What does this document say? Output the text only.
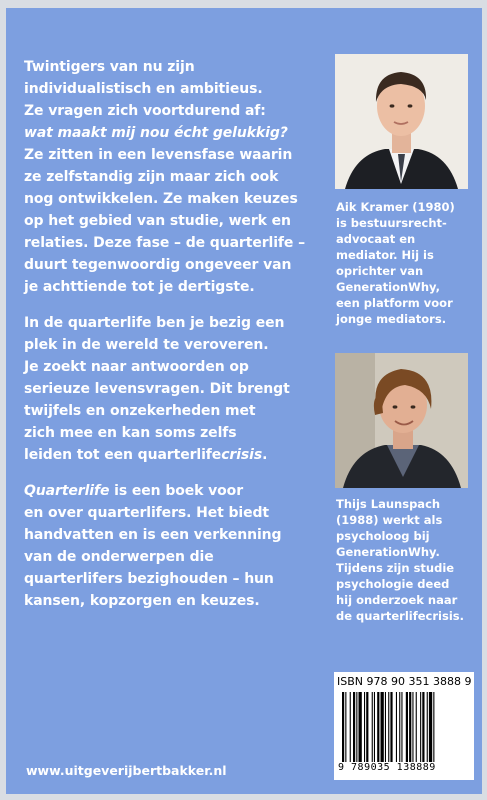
Twintigers van nu zijn
individualistisch en ambitieus.
Ze vragen zich voortdurend af:
wat maakt mij nou écht gelukkig?
Ze zitten in een levensfase waarin
ze zelfstandig zijn maar zich ook
nog ontwikkelen. Ze maken keuzes
op het gebied van studie, werk en
relaties. Deze fase – de quarterlife –
duurt tegenwoordig ongeveer van
je achttiende tot je dertigste.

In de quarterlife ben je bezig een
plek in de wereld te veroveren.
Je zoekt naar antwoorden op
serieuze levensvragen. Dit brengt
twijfels en onzekerheden met
zich mee en kan soms zelfs
leiden tot een quarterlifecrisis.

Quarterlife is een boek voor
en over quarterlifers. Het biedt
handvatten en is een verkenning
van de onderwerpen die
quarterlifers bezighouden – hun
kansen, kopzorgen en keuzes.

Aik Kramer (1980)
is bestuursrecht-
advocaat en
mediator. Hij is
oprichter van
GenerationWhy,
een platform voor
jonge mediators.
Thijs Launspach
(1988) werkt als
psycholoog bij
GenerationWhy.
Tijdens zijn studie
psychologie deed
hij onderzoek naar
de quarterlifecrisis.
ISBN 978 90 351 3888 9
9 789035 138889
www.uitgeverijbertbakker.nl
